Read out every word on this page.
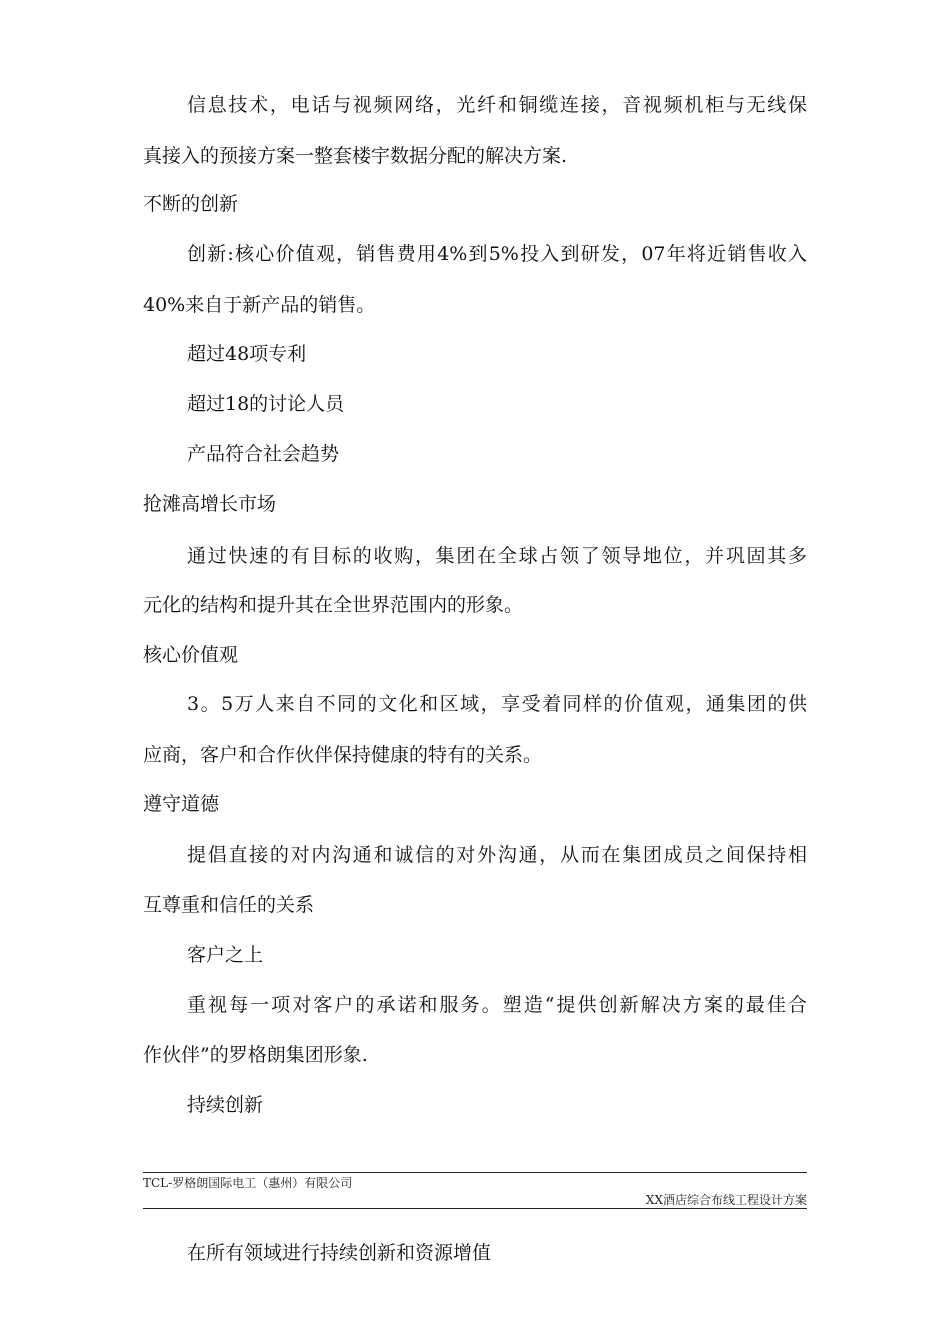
信息技术，电话与视频网络，光纤和铜缆连接，音视频机柜与无线保
真接入的预接方案一整套楼宇数据分配的解决方案.
不断的创新
创新:核心价值观，销售费用4%到5%投入到研发，07年将近销售收入
40%来自于新产品的销售。
超过48项专利
超过18的讨论人员
产品符合社会趋势
抢滩高增长市场
通过快速的有目标的收购，集团在全球占领了领导地位，并巩固其多
元化的结构和提升其在全世界范围内的形象。
核心价值观
3。5万人来自不同的文化和区域，享受着同样的价值观，通集团的供
应商，客户和合作伙伴保持健康的特有的关系。
遵守道德
提倡直接的对内沟通和诚信的对外沟通，从而在集团成员之间保持相
互尊重和信任的关系
客户之上
重视每一项对客户的承诺和服务。塑造“提供创新解决方案的最佳合
作伙伴”的罗格朗集团形象.
持续创新
TCL-罗格朗国际电工（惠州）有限公司
XX酒店综合布线工程设计方案
在所有领域进行持续创新和资源增值
